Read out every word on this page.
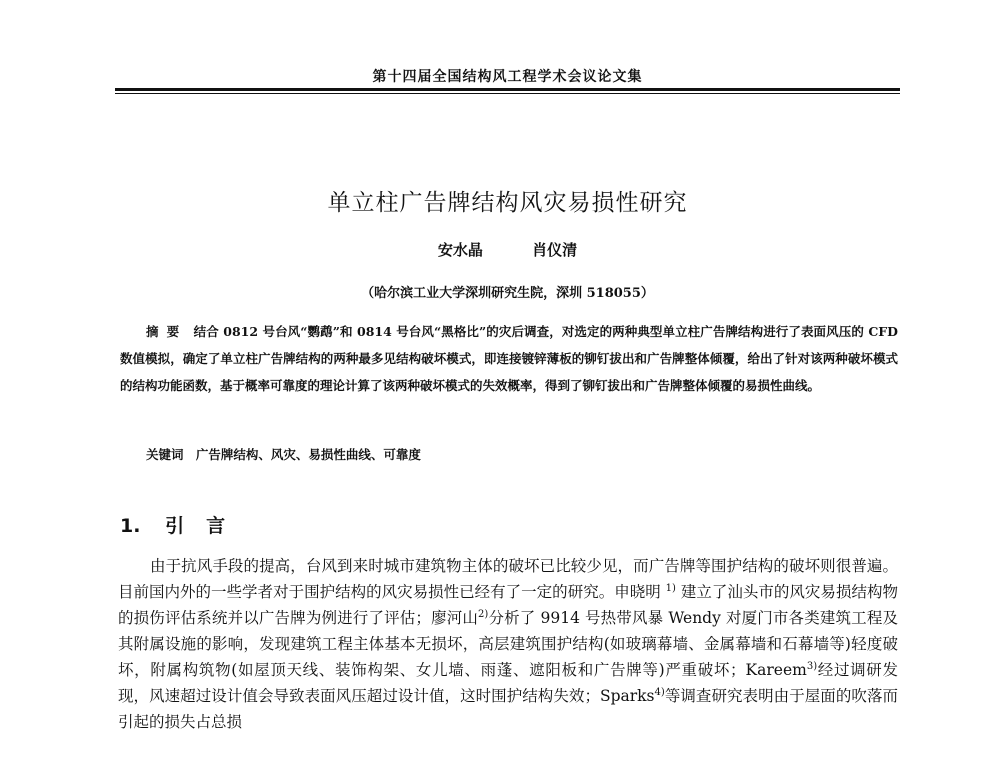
第十四届全国结构风工程学术会议论文集
单立柱广告牌结构风灾易损性研究
安水晶	肖仪清
（哈尔滨工业大学深圳研究生院，深圳 518055）
摘要 结合 0812 号台风“鹦鹉”和 0814 号台风“黑格比”的灾后调查，对选定的两种典型单立柱广告牌结构进行了表面风压的 CFD 数值模拟，确定了单立柱广告牌结构的两种最多见结构破坏模式，即连接镀锌薄板的铆钉拔出和广告牌整体倾覆，给出了针对该两种破坏模式的结构功能函数，基于概率可靠度的理论计算了该两种破坏模式的失效概率，得到了铆钉拔出和广告牌整体倾覆的易损性曲线。
关键词 广告牌结构、风灾、易损性曲线、可靠度
1. 引言
由于抗风手段的提高，台风到来时城市建筑物主体的破坏已比较少见，而广告牌等围护结构的破坏则很普遍。目前国内外的一些学者对于围护结构的风灾易损性已经有了一定的研究。申晓明 $^{1)}$ 建立了汕头市的风灾易损结构物的损伤评估系统并以广告牌为例进行了评估；廖河山$^{2)}$分析了 9914 号热带风暴 Wendy 对厦门市各类建筑工程及其附属设施的影响，发现建筑工程主体基本无损坏，高层建筑围护结构(如玻璃幕墙、金属幕墙和石幕墙等)轻度破坏，附属构筑物(如屋顶天线、装饰构架、女儿墙、雨蓬、遮阳板和广告牌等)严重破坏；Kareem$^{3)}$经过调研发现，风速超过设计值会导致表面风压超过设计值，这时围护结构失效；Sparks$^{4)}$等调查研究表明由于屋面的吹落而引起的损失占总损
